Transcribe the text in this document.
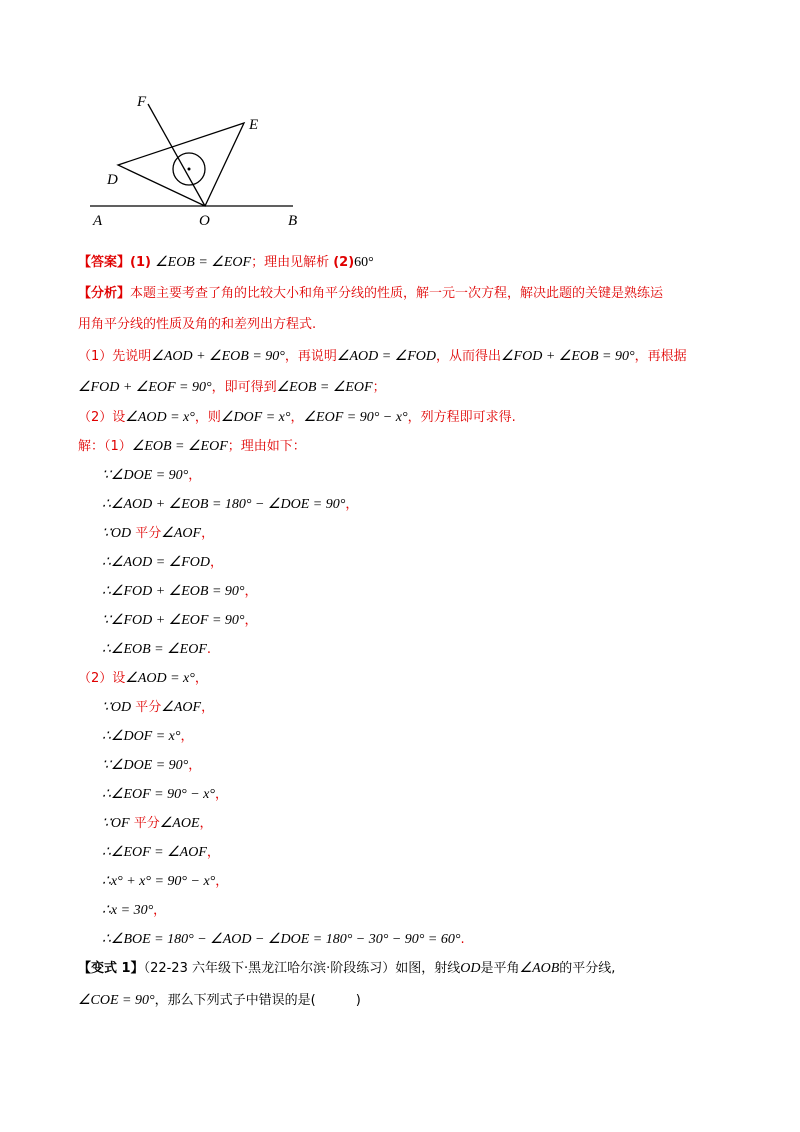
F
E
D
A	O	B
【答案】(1) ∠EOB = ∠EOF；理由见解析 (2)60°
【分析】本题主要考查了角的比较大小和角平分线的性质，解一元一次方程，解决此题的关键是熟练运
用角平分线的性质及角的和差列出方程式.
（1）先说明∠AOD + ∠EOB = 90°，再说明∠AOD = ∠FOD，从而得出∠FOD + ∠EOB = 90°，再根据
∠FOD + ∠EOF = 90°，即可得到∠EOB = ∠EOF；
（2）设∠AOD = x°，则∠DOF = x°，∠EOF = 90° − x°，列方程即可求得.
解：（1）∠EOB = ∠EOF；理由如下：
∵∠DOE = 90°，
∴∠AOD + ∠EOB = 180° − ∠DOE = 90°，
∵OD 平分∠AOF，
∴∠AOD = ∠FOD，
∴∠FOD + ∠EOB = 90°，
∵∠FOD + ∠EOF = 90°，
∴∠EOB = ∠EOF.
（2）设∠AOD = x°，
∵OD 平分∠AOF，
∴∠DOF = x°，
∵∠DOE = 90°，
∴∠EOF = 90° − x°，
∵OF 平分∠AOE，
∴∠EOF = ∠AOF，
∴x° + x° = 90° − x°，
∴x = 30°，
∴∠BOE = 180° − ∠AOD − ∠DOE = 180° − 30° − 90° = 60°.
【变式 1】（22-23 六年级下·黑龙江哈尔滨·阶段练习）如图，射线OD是平角∠AOB的平分线,
∠COE = 90°，那么下列式子中错误的是(	)
